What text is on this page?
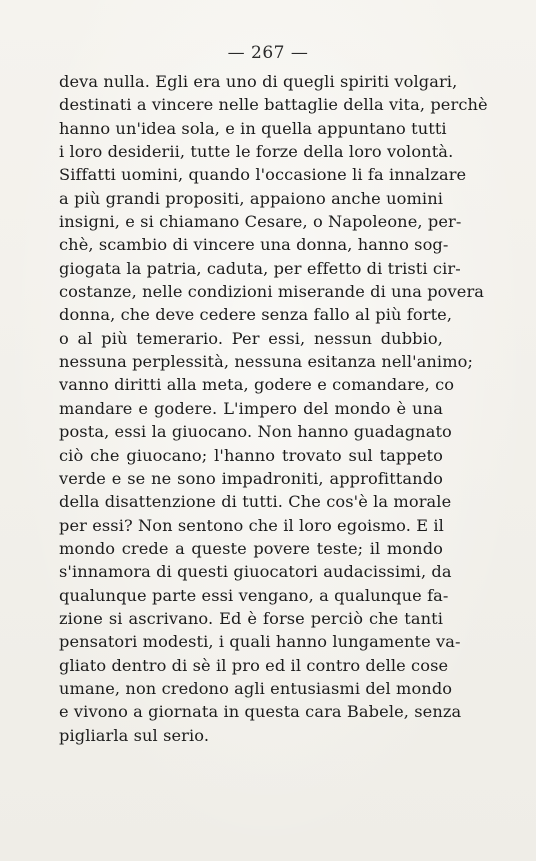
— 267 —
deva nulla. Egli era uno di quegli spiriti volgari,
destinati a vincere nelle battaglie della vita, perchè
hanno un'idea sola, e in quella appuntano tutti
i loro desiderii, tutte le forze della loro volontà.
Siffatti uomini, quando l'occasione li fa innalzare
a più grandi propositi, appaiono anche uomini
insigni, e si chiamano Cesare, o Napoleone, per-
chè, scambio di vincere una donna, hanno sog-
giogata la patria, caduta, per effetto di tristi cir-
costanze, nelle condizioni miserande di una povera
donna, che deve cedere senza fallo al più forte,
o al più temerario. Per essi, nessun dubbio,
nessuna perplessità, nessuna esitanza nell'animo;
vanno diritti alla meta, godere e comandare, co
mandare e godere. L'impero del mondo è una
posta, essi la giuocano. Non hanno guadagnato
ciò che giuocano; l'hanno trovato sul tappeto
verde e se ne sono impadroniti, approfittando
della disattenzione di tutti. Che cos'è la morale
per essi? Non sentono che il loro egoismo. E il
mondo crede a queste povere teste; il mondo
s'innamora di questi giuocatori audacissimi, da
qualunque parte essi vengano, a qualunque fa-
zione si ascrivano. Ed è forse perciò che tanti
pensatori modesti, i quali hanno lungamente va-
gliato dentro di sè il pro ed il contro delle cose
umane, non credono agli entusiasmi del mondo
e vivono a giornata in questa cara Babele, senza
pigliarla sul serio.
